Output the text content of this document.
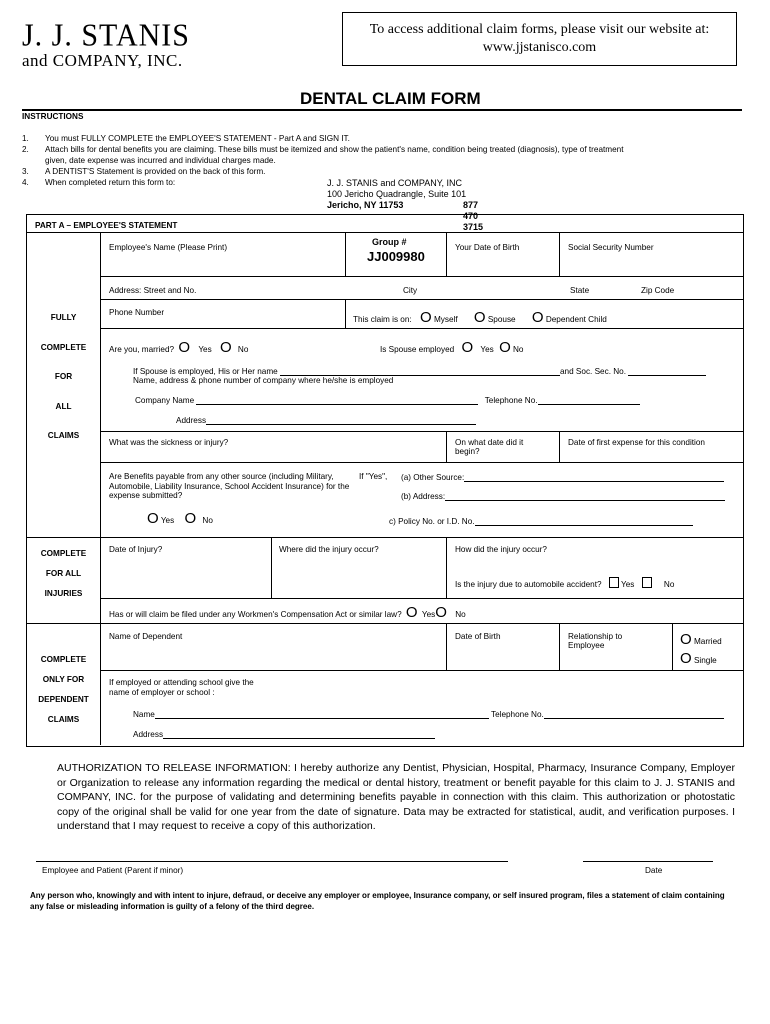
J. J. STANIS
and COMPANY, INC.
To access additional claim forms, please visit our website at:
www.jjstanisco.com
DENTAL CLAIM FORM
INSTRUCTIONS
1. You must FULLY COMPLETE the EMPLOYEE'S STATEMENT - Part A and SIGN IT.
2. Attach bills for dental benefits you are claiming. These bills must be itemized and show the patient's name, condition being treated (diagnosis), type of treatment
given, date expense was incurred and individual charges made.
3. A DENTIST'S Statement is provided on the back of this form.
4. When completed return this form to:	J. J. STANIS and COMPANY, INC
100 Jericho Quadrangle, Suite 101
Jericho, NY 11753	877 470 3715
PART A – EMPLOYEE'S STATEMENT
FULLY
COMPLETE
FOR
ALL
CLAIMS
COMPLETE
FOR ALL
INJURIES
COMPLETE
ONLY FOR
DEPENDENT
CLAIMS
Employee's Name (Please Print)
Group #
JJ009980
Your Date of Birth	Social Security Number
Address: Street and No.	City	State	Zip Code
Phone Number
This claim is on: O Myself O Spouse O Dependent Child
Are you, married? O Yes O No	Is Spouse employed O Yes O No
If Spouse is employed, His or Her name	and Soc. Sec. No.
Name, address & phone number of company where he/she is employed
Company Name	Telephone No.
Address
What was the sickness or injury?	On what date did it begin?
Date of first expense for this condition
Are Benefits payable from any other source (including Military, Automobile, Liability Insurance, School Accident Insurance) for the expense submitted?
If "Yes", (a) Other Source:
(b) Address:
O Yes O No	c) Policy No. or I.D. No.
Date of Injury?	Where did the injury occur?	How did the injury occur?
Is the injury due to automobile accident? Yes	No
Has or will claim be filed under any Workmen's Compensation Act or similar law? O YesO No
Name of Dependent	Date of Birth	Relationship to Employee	O Married
O Single
If employed or attending school give the name of employer or school :
Name	Telephone No.
Address
AUTHORIZATION TO RELEASE INFORMATION: I hereby authorize any Dentist, Physician, Hospital, Pharmacy, Insurance Company, Employer or Organization to release any information regarding the medical or dental history, treatment or benefit payable for this claim to J. J. STANIS and COMPANY, INC. for the purpose of validating and determining benefits payable in connection with this claim. This authorization or photostatic copy of the original shall be valid for one year from the date of signature. Data may be extracted for statistical, audit, and verification purposes. I understand that I may request to receive a copy of this authorization.
Employee and Patient (Parent if minor)	Date
Any person who, knowingly and with intent to injure, defraud, or deceive any employer or employee, Insurance company, or self insured program, files a statement of claim containing any false or misleading information is guilty of a felony of the third degree.
